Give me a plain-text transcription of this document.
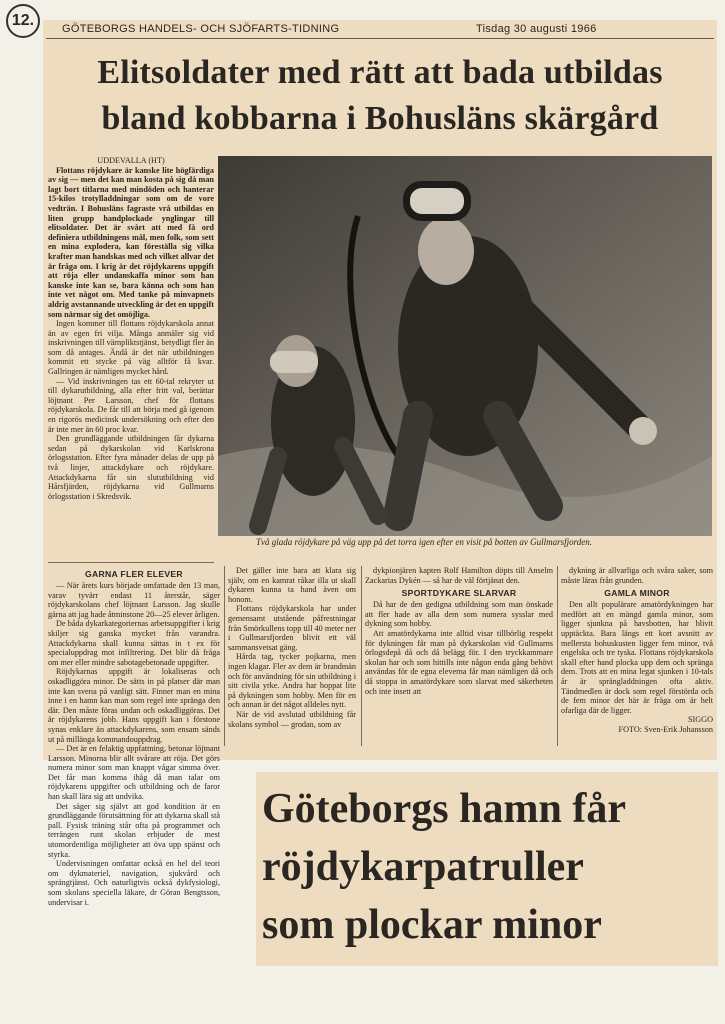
12.	GÖTEBORGS HANDELS- OCH SJÖFARTS-TIDNING	Tisdag 30 augusti 1966
Elitsoldater med rätt att bada utbildas
bland kobbarna i Bohusläns skärgård
Två glada röjdykare på väg upp på det torra igen efter en visit på botten av Gullmarsfjorden.

UDDEVALLA (HT)

Flottans röjdykare är kanske lite högfärdiga av sig — men det kan man kosta på sig då man lagt bort titlarna med mindöden och hanterar 15-kilos trotylladdningar som om de vore vedträn. I Bohusläns fagraste vrå utbildas en liten grupp handplockade ynglingar till elitsoldater. Det är svårt att med få ord definiera utbildningens mål, men folk, som sett en mina explodera, kan föreställa sig vilka krafter man handskas med och vilket allvar det är fråga om. I krig är det röjdykarens uppgift att röja eller undanskaffa minor som han kanske inte kan se, bara känna och som han inte vet något om. Med tanke på minvapnets aldrig avstannande utveckling är det en uppgift som närmar sig det omöjliga.

Ingen kommer till flottans röjdykarskola annat än av egen fri vilja. Många anmäler sig vid inskrivningen till värnpliktstjänst, betydligt fler än som då antages. Ändå är det när utbildningen kommit ett stycke på väg alltför få kvar. Gallringen är nämligen mycket hård.

— Vid inskrivningen tas ett 60-tal rekryter ut till dykarutbildning, alla efter fritt val, berättar löjtnant Per Larsson, chef för flottans röjdykarskola. De får till att börja med gå igenom en rigorös medicinsk undersökning och efter den är inte mer än 60 proc kvar.

Den grundläggande utbildningen får dykarna sedan på dykarskolan vid Karlskrona örlogsstation. Efter fyra månader delas de upp på två linjer, attackdykare och röjdykare. Attackdykarna får sin slututbildning vid Hårsfjärden, röjdykarna vid Gullmarns örlogsstation i Skredsvik.

GARNA FLER ELEVER

— När årets kurs började omfattade den 13 man, varav tyvärr endast 11 återstår, säger röjdykarskolans chef löjtnant Larsson. Jag skulle gärna att jag hade åtminstone 20—25 elever årligen.

De båda dykarkategoriernas arbetsuppgifter i krig skiljer sig ganska mycket från varandra. Attackdykarna skall kunna sättas in t ex för specialuppdrag mot infiltrering. Det blir då fråga om mer eller mindre sabotagebetonade uppgifter.

Röjdykarnas uppgift är lokaliseras och oskadliggöra minor. De sätts in på platser där man inte kan sveпа på vanligt sätt. Finner man en mina inne i en hamn kan man som regel inte spränga den där. Den måste föras undan och oskadliggöras. Det är röjdykarens jobb. Hans uppgift kan i förstone synas enklare än attackdykarens, som ensam sänds ut på millänga kommandouppdrag.

— Det är en felaktig uppfattning, betonar löjtnant Larsson. Minorna blir allt svårare att röja. Det görs numera minor som man knappt vågar simma över. Det får man komma ihåg då man talar om röjdykarens uppgifter och utbildning och de faror han skall lära sig att undvika.

Det säger sig självt att god kondition är en grundläggande förutsättning för att dykarna skall stå pall. Fysisk träning står ofta på programmet och terrängen runt skolan erbjuder de mest utomordentliga möjligheter att öva upp spänst och styrka.

Undervisningen omfattar också en hel del teori om dykmateriel, navigation, sjukvård och sprängtjänst. Och naturligtvis också dykfysiologi, som skolans speciella läkare, dr Göran Bengtsson, undervisar i.

Det gäller inte bara att klara sig själv, om en kamrat råkar illa ut skall dykaren kunna ta hand även om honom.

Flottans röjdykarskola har under gemensamt utstående påfrestningar från Smörkullens topp till 40 meter ner i Gullmarsfjorden blivit ett väl sammansvetsat gäng.

Hårda tag, tycker pojkarna, men ingen klagar. Fler av dem är brandmän och för användning för sin utbildning i sitt civila yrke. Andra har hoppat lite på dykningen som hobby. Men för en och annan är det något alldeles nytt.

När de vid avslutad utbildning får skolans symbol — grodan, som av

dykpionjären kapten Rolf Hamilton döpts till Anselm Zackarias Dykén — så har de väl förtjänat den.

SPORTDYKARE SLARVAR

Då har de den gedigna utbildning som man önskade att fler hade av alla dem som numera sysslar med dykning som hobby.

Att amatördykarna inte alltid visar tillbörlig respekt för dykningen får man på dykarskolan vid Gullmarns örlogsdepå då och då belägg för. I den tryckkammare skolan har och som hittills inte någon enda gång behövt användas för de egna eleverna får man nämligen då och då stoppa in amatördykare som slarvat med säkerheten och inte insett att

dykning är allvarliga och svåra saker, som måste läras från grunden.

GAMLA MINOR

Den allt populärare amatördykningen har medfört att en mängd gamla minor, som ligger sjunkna på havsbotten, har blivit upptäckta. Bara längs ett kort avsnitt av mellersta bohuskusten ligger fem minor, två engelska och tre tyska. Flottans röjdykarskola skall efter hand plocka upp dem och spränga dem. Trots att en mina legat sjunken i 10-tals år är sprängladdningen ofta aktiv. Tändmedlen är dock som regel förstörda och de fem minor det här är fråga om är helt ofarliga där de ligger.

SIGGO

FOTO: Sven-Erik Johansson

Göteborgs hamn får
röjdykarpatruller
som plockar minor
